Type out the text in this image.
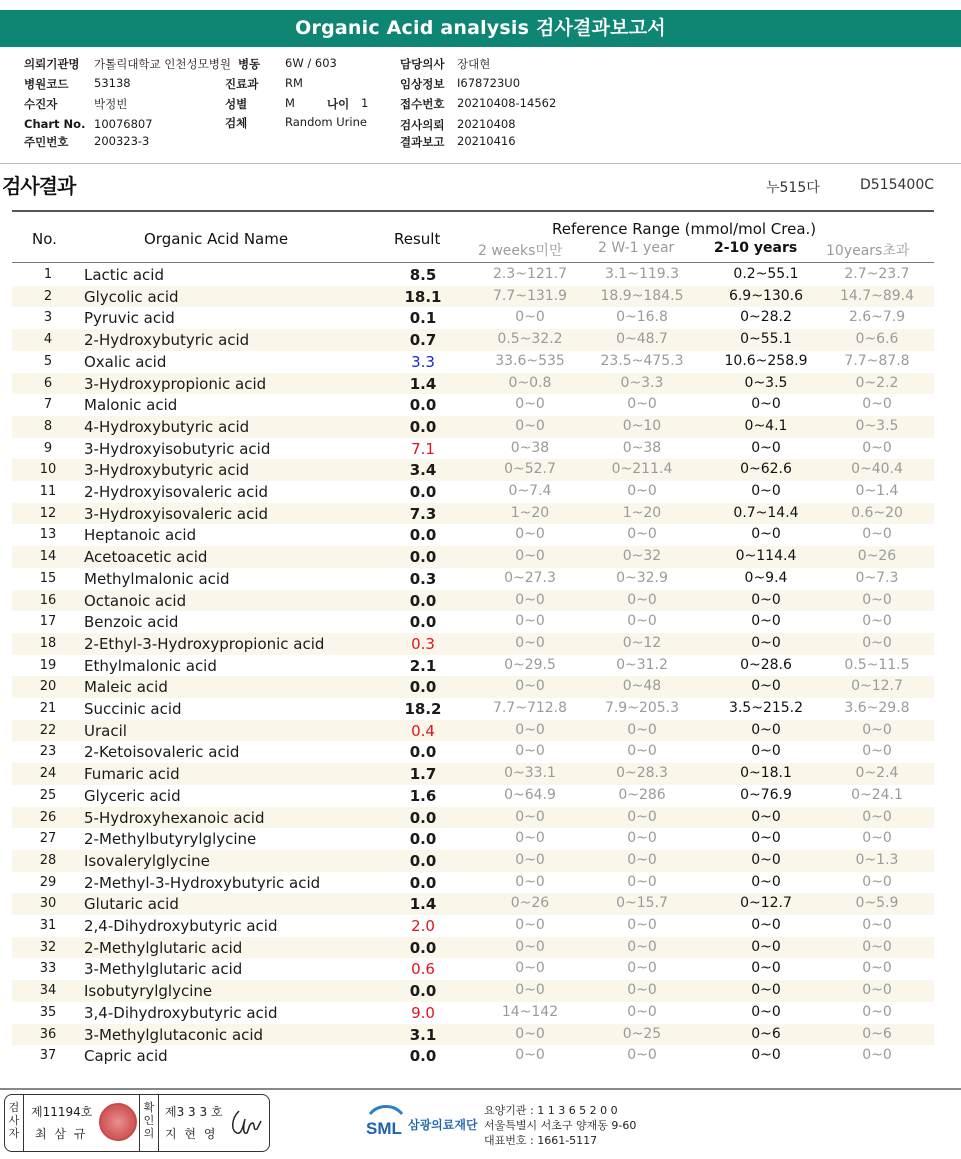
Organic Acid analysis 검사결과보고서
의뢰기관명 가톨릭대학교 인천성모병원 병동 6W / 603	담당의사 장대현
병원코드 53138	진료과 RM	임상정보 I678723U0
수진자	박정빈	성별	M	나이 1	접수번호 20210408-14562
Chart No. 10076807	검체	Random Urine	검사의뢰 20210408
주민번호 200323-3	결과보고 20210416
검사결과	누515다	D515400C
No.	Organic Acid Name	Result
Reference Range (mmol/mol Crea.)
2 weeks미만	2 W-1 year	2-10 years 10years초과
1	Lactic acid	8.5	2.3~121.7	3.1~119.3	0.2~55.1	2.7~23.7
2	Glycolic acid	18.1	7.7~131.9	18.9~184.5	6.9~130.6	14.7~89.4
3	Pyruvic acid	0.1	0~0	0~16.8	0~28.2	2.6~7.9
4	2-Hydroxybutyric acid	0.7	0.5~32.2	0~48.7	0~55.1	0~6.6
5	Oxalic acid	3.3	33.6~535	23.5~475.3	10.6~258.9	7.7~87.8
6	3-Hydroxypropionic acid	1.4	0~0.8	0~3.3	0~3.5	0~2.2
7	Malonic acid	0.0	0~0	0~0	0~0	0~0
8	4-Hydroxybutyric acid	0.0	0~0	0~10	0~4.1	0~3.5
9	3-Hydroxyisobutyric acid	7.1	0~38	0~38	0~0	0~0
10	3-Hydroxybutyric acid	3.4	0~52.7	0~211.4	0~62.6	0~40.4
11	2-Hydroxyisovaleric acid	0.0	0~7.4	0~0	0~0	0~1.4
12	3-Hydroxyisovaleric acid	7.3	1~20	1~20	0.7~14.4	0.6~20
13	Heptanoic acid	0.0	0~0	0~0	0~0	0~0
14	Acetoacetic acid	0.0	0~0	0~32	0~114.4	0~26
15	Methylmalonic acid	0.3	0~27.3	0~32.9	0~9.4	0~7.3
16	Octanoic acid	0.0	0~0	0~0	0~0	0~0
17	Benzoic acid	0.0	0~0	0~0	0~0	0~0
18	2-Ethyl-3-Hydroxypropionic acid	0.3	0~0	0~12	0~0	0~0
19	Ethylmalonic acid	2.1	0~29.5	0~31.2	0~28.6	0.5~11.5
20	Maleic acid	0.0	0~0	0~48	0~0	0~12.7
21	Succinic acid	18.2	7.7~712.8	7.9~205.3	3.5~215.2	3.6~29.8
22	Uracil	0.4	0~0	0~0	0~0	0~0
23	2-Ketoisovaleric acid	0.0	0~0	0~0	0~0	0~0
24	Fumaric acid	1.7	0~33.1	0~28.3	0~18.1	0~2.4
25	Glyceric acid	1.6	0~64.9	0~286	0~76.9	0~24.1
26	5-Hydroxyhexanoic acid	0.0	0~0	0~0	0~0	0~0
27	2-Methylbutyrylglycine	0.0	0~0	0~0	0~0	0~0
28	Isovalerylglycine	0.0	0~0	0~0	0~0	0~1.3
29	2-Methyl-3-Hydroxybutyric acid	0.0	0~0	0~0	0~0	0~0
30	Glutaric acid	1.4	0~26	0~15.7	0~12.7	0~5.9
31	2,4-Dihydroxybutyric acid	2.0	0~0	0~0	0~0	0~0
32	2-Methylglutaric acid	0.0	0~0	0~0	0~0	0~0
33	3-Methylglutaric acid	0.6	0~0	0~0	0~0	0~0
34	Isobutyrylglycine	0.0	0~0	0~0	0~0	0~0
35	3,4-Dihydroxybutyric acid	9.0	14~142	0~0	0~0	0~0
36	3-Methylglutaconic acid	3.1	0~0	0~25	0~6	0~6
37	Capric acid	0.0	0~0	0~0	0~0	0~0
검사자
제11194호
최 삼 규
확인의
제3 3 3 호
지 현 영	SML 삼광의료재단
요양기관 : 1 1 3 6 5 2 0 0
서울특별시 서초구 양재동 9-60
대표번호 : 1661-5117
